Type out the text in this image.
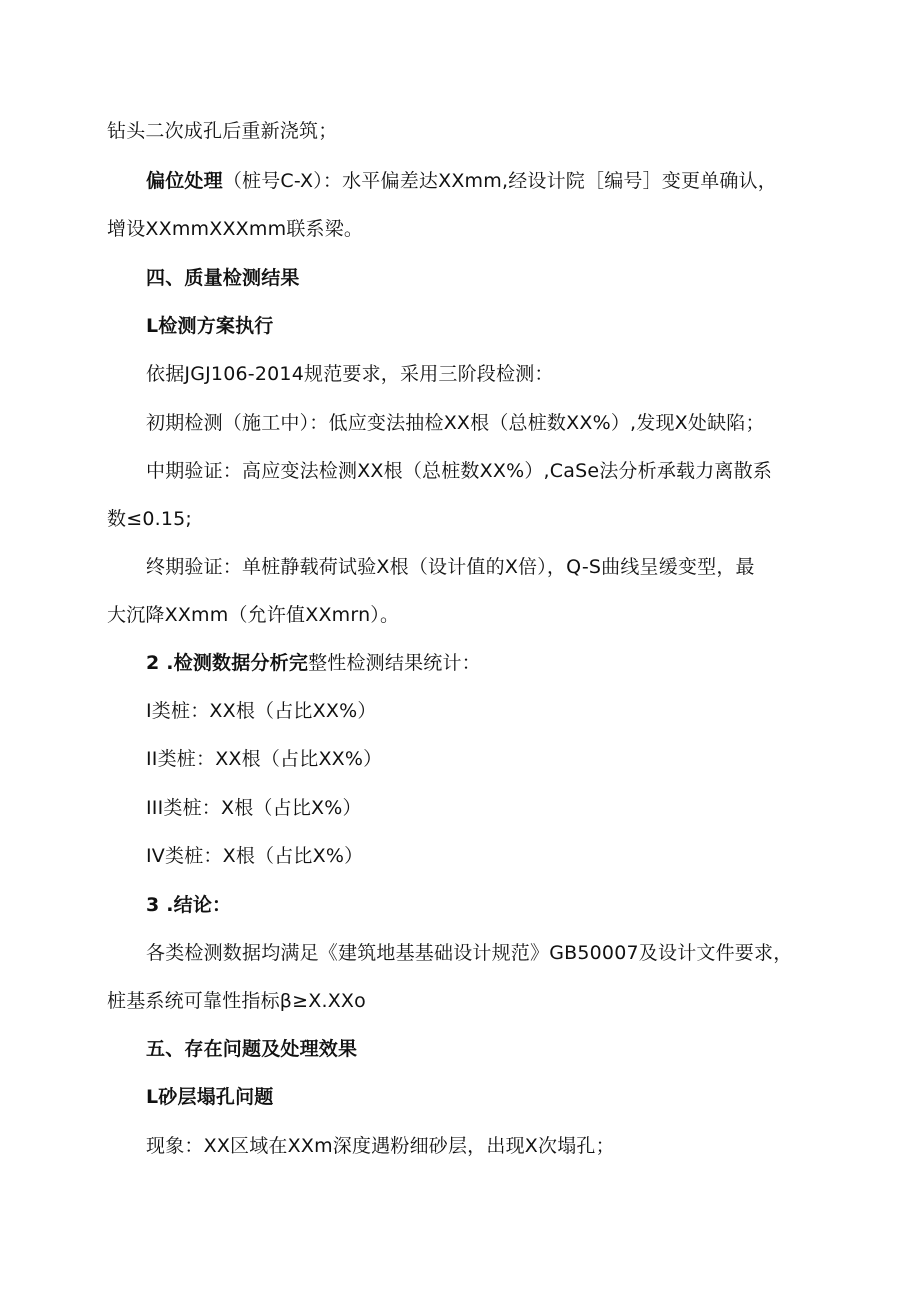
钻头二次成孔后重新浇筑；
偏位处理（桩号C-X）：水平偏差达XXmm,经设计院［编号］变更单确认，
增设XXmmXXXmm联系梁。
四、质量检测结果
L检测方案执行
依据JGJ106-2014规范要求，采用三阶段检测：
初期检测（施工中）：低应变法抽检XX根（总桩数XX%）,发现X处缺陷；
中期验证：高应变法检测XX根（总桩数XX%）,CaSe法分析承载力离散系
数≤0.15;
终期验证：单桩静载荷试验X根（设计值的X倍），Q-S曲线呈缓变型，最
大沉降XXmm（允许值XXmrn）。
2 .检测数据分析完整性检测结果统计：
I类桩：XX根（占比XX%）
II类桩：XX根（占比XX%）
III类桩：X根（占比X%）
IV类桩：X根（占比X%）
3 .结论：
各类检测数据均满足《建筑地基基础设计规范》GB50007及设计文件要求，
桩基系统可靠性指标β≥X.XXo
五、存在问题及处理效果
L砂层塌孔问题
现象：XX区域在XXm深度遇粉细砂层，出现X次塌孔；
